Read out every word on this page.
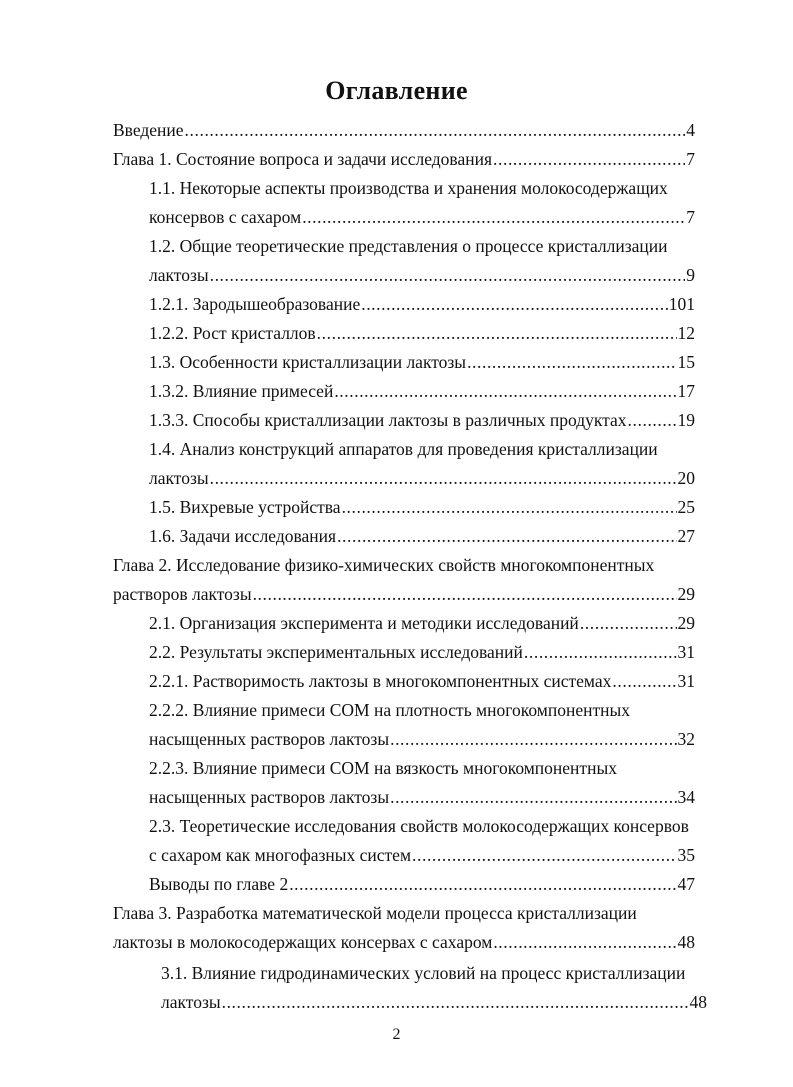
Оглавление
Введение .....	4
Глава 1. Состояние вопроса и задачи исследования .....	7
1.1. Некоторые аспекты производства и хранения молокосодержащих
консервов с сахаром .....	7
1.2. Общие теоретические представления о процессе кристаллизации
лактозы .....	9
1.2.1. Зародышеобразование .....	101
1.2.2. Рост кристаллов .....	12
1.3. Особенности кристаллизации лактозы .....	15
1.3.2. Влияние примесей .....	17
1.3.3. Способы кристаллизации лактозы в различных продуктах .....	19
1.4. Анализ конструкций аппаратов для проведения кристаллизации
лактозы .....	20
1.5. Вихревые устройства .....	25
1.6. Задачи исследования .....	27
Глава 2. Исследование физико-химических свойств многокомпонентных
растворов лактозы .....	29
2.1. Организация эксперимента и методики исследований .....	29
2.2. Результаты экспериментальных исследований .....	31
2.2.1. Растворимость лактозы в многокомпонентных системах .....	31
2.2.2. Влияние примеси СОМ на плотность многокомпонентных
насыщенных растворов лактозы .....	32
2.2.3. Влияние примеси СОМ на вязкость многокомпонентных
насыщенных растворов лактозы .....	34
2.3. Теоретические исследования свойств молокосодержащих консервов
с сахаром как многофазных систем .....	35
Выводы по главе 2 .....	47
Глава 3. Разработка математической модели процесса кристаллизации
лактозы в молокосодержащих консервах с сахаром .....	48
3.1. Влияние гидродинамических условий на процесс кристаллизации
лактозы .....	48
2
